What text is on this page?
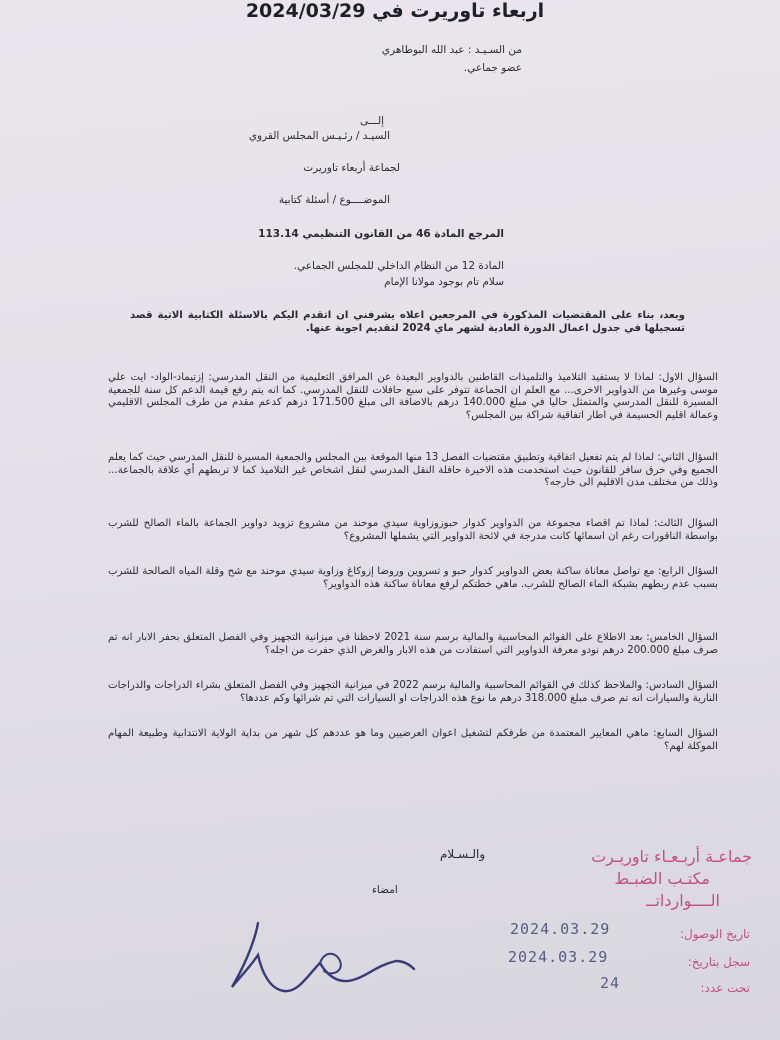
اربعاء تاوريرت في 2024/03/29
من السـيـد : عبد الله البوطاهري
عضو جماعي.
إلـــى
السيـد / رئـيـس المجلس القروي
لجماعة أربعاء تاوريرت
الموضــــوع / أسئلة كتابية
المرجع المادة 46 من القانون التنظيمي 113.14
المادة 12 من النظام الداخلي للمجلس الجماعي.
سلام تام بوجود مولانا الإمام
وبعد، بناء على المقتضيات المذكورة في المرجعين اعلاه يشرفني ان اتقدم اليكم بالاسئلة الكتابية الاتية قصد تسجيلها في جدول اعمال الدورة العادية لشهر ماي 2024 لتقديم اجوبة عنها.
السؤال الاول: لماذا لا يستفيد التلاميذ والتلميذات القاطنين بالدواوير البعيدة عن المرافق التعليمية من النقل المدرسي: إزتيماد-الواد- ايت علي موسى وغيرها من الدواوير الاخرى... مع العلم ان الجماعة تتوفر على سبع حافلات للنقل المدرسي. كما انه يتم رفع قيمة الدعم كل سنة للجمعية المسيرة للنقل المدرسي والمتمثل حاليا في مبلغ 140.000 درهم بالاضافة الى مبلغ 171.500 درهم كدعم مقدم من طرف المجلس الاقليمي وعمالة اقليم الحسيمة في اطار اتفاقية شراكة بين المجلس؟
السؤال الثاني: لماذا لم يتم تفعيل اتفاقية وتطبيق مقتضيات الفصل 13 منها الموقعة بين المجلس والجمعية المسيرة للنقل المدرسي حيث كما يعلم الجميع وفي خرق سافر للقانون حيث استخدمت هذه الاخيرة حافلة النقل المدرسي لنقل اشخاص غير التلاميذ كما لا تربطهم أي علاقة بالجماعة... وذلك من مختلف مدن الاقليم الى خارجه؟
السؤال الثالث: لماذا تم اقصاء مجموعة من الدواوير كدوار حبوزوزاوية سيدي موحند من مشروع تزويد دواوير الجماعة بالماء الصالح للشرب بواسطة الناقورات رغم ان اسمائها كانت مدرجة في لائحة الدواوير التي يشملها المشروع؟
السؤال الرابع: مع تواصل معاناة ساكنة بعض الدواوير كدوار حبو و تسروين وروضا إزوكاغ وزاوية سيدي موحند مع شح وقلة المياه الصالحة للشرب بسبب عدم ربطهم بشبكة الماء الصالح للشرب. ماهي خطتكم لرفع معاناة ساكنة هذه الدواوير؟
السؤال الخامس: بعد الاطلاع على القوائم المحاسبية والمالية برسم سنة 2021 لاحظنا في ميزانية التجهيز وفي الفصل المتعلق بحفر الابار انه تم صرف مبلغ 200.000 درهم نودو معرفة الدواوير التي استفادت من هذه الابار والغرض الذي حفرت من اجله؟
السؤال السادس: والملاحظ كذلك في القوائم المحاسبية والمالية برسم 2022 في ميزانية التجهيز وفي الفصل المتعلق بشراء الدراجات والدراجات النارية والسيارات انه تم صرف مبلغ 318.000 درهم ما نوع هذه الدراجات او السيارات التي تم شرائها وكم عددها؟
السؤال السابع: ماهي المعايير المعتمدة من طرفكم لتشغيل اعوان العرضيين وما هو عددهم كل شهر من بداية الولاية الانتدابية وطبيعة المهام الموكلة لهم؟
والـسـلام
امضاء
جماعـة أربـعـاء تاوريـرت
مكتـب الضبـط
الــــوارداتــ
تاريخ الوصول:
2024.03.29
سجل بتاريخ:
2024.03.29
تحت عدد:
24
